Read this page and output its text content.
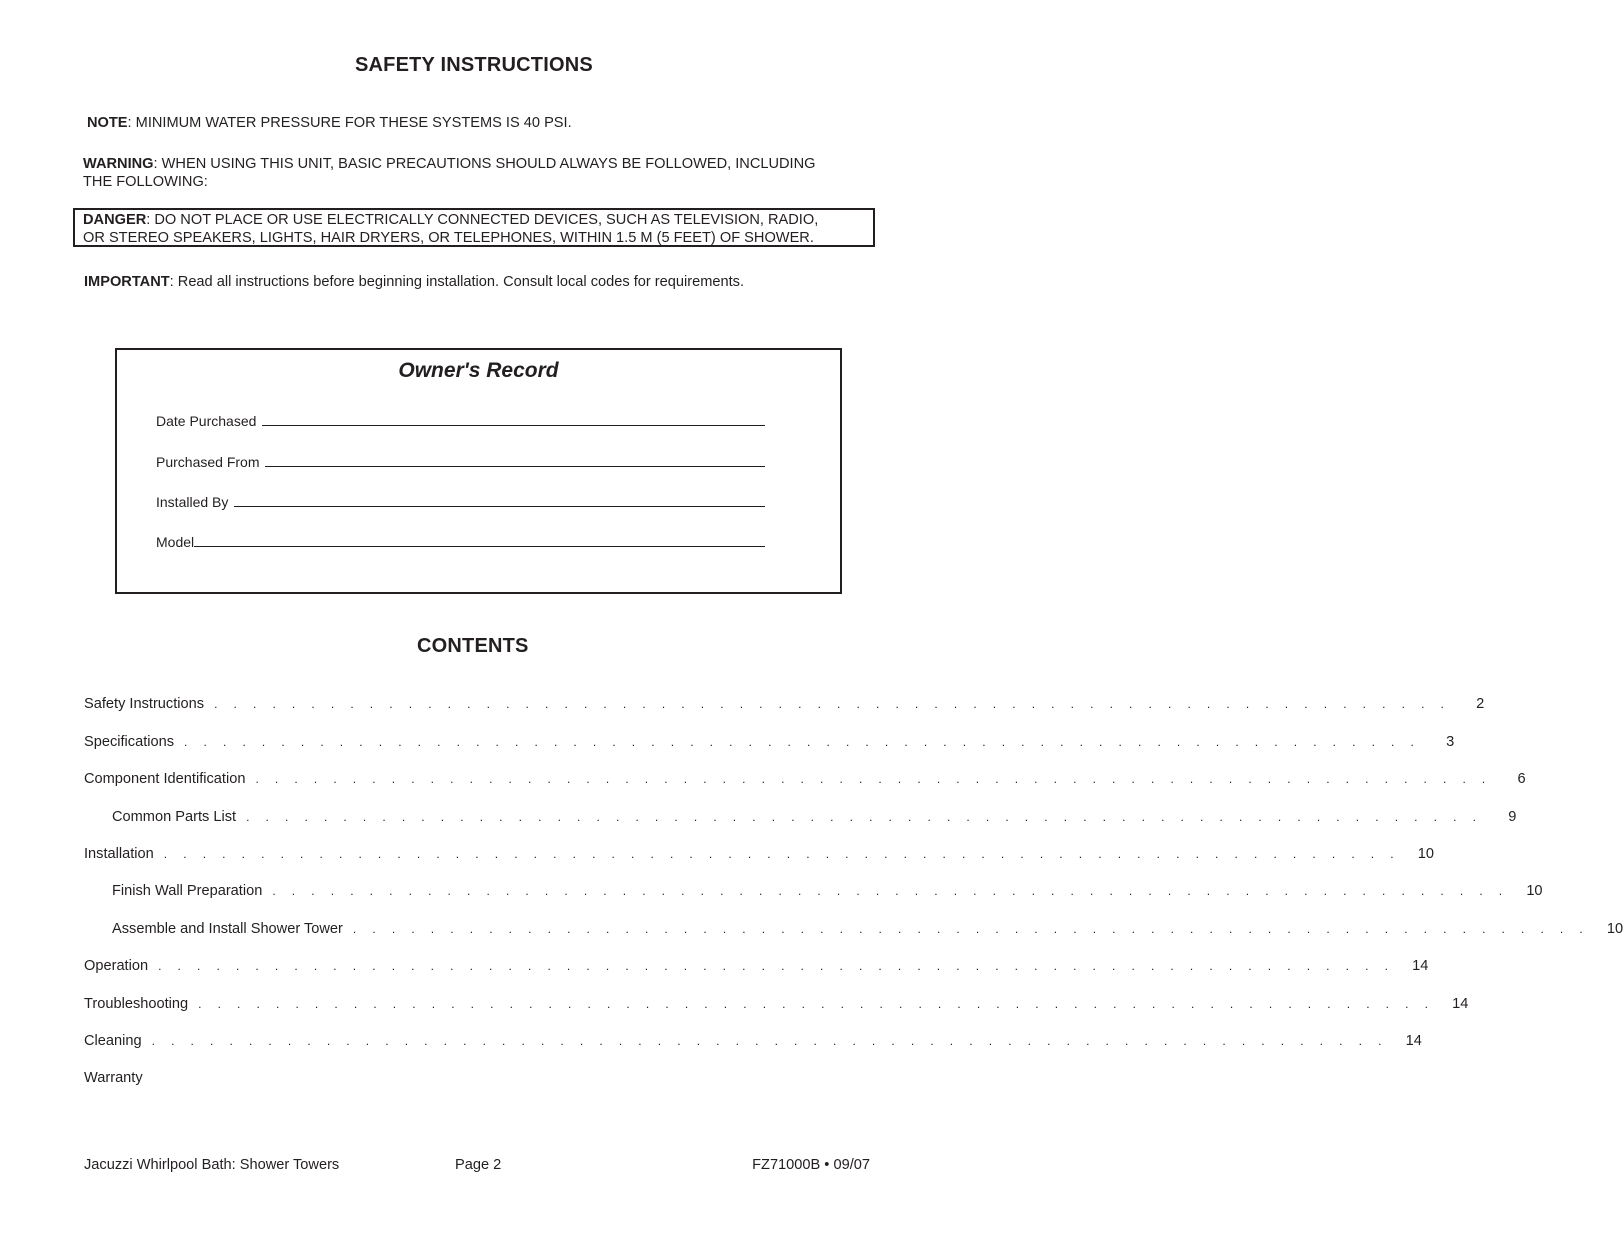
SAFETY INSTRUCTIONS
NOTE: MINIMUM WATER PRESSURE FOR THESE SYSTEMS IS 40 PSI.
WARNING: WHEN USING THIS UNIT, BASIC PRECAUTIONS SHOULD ALWAYS BE FOLLOWED, INCLUDING
THE FOLLOWING:
DANGER: DO NOT PLACE OR USE ELECTRICALLY CONNECTED DEVICES, SUCH AS TELEVISION, RADIO,
OR STEREO SPEAKERS, LIGHTS, HAIR DRYERS, OR TELEPHONES, WITHIN 1.5 M (5 FEET) OF SHOWER.
IMPORTANT: Read all instructions before beginning installation. Consult local codes for requirements.
Owner's Record
Date Purchased
Purchased From
Installed By
Model
CONTENTS
Safety Instructions . . . . . . . . . . . . . . . . . . . . . . . . . . . . . . . . . . . . . . . . . . . . . . . . . . . . . . . . . . . . . . . .	2
Specifications . . . . . . . . . . . . . . . . . . . . . . . . . . . . . . . . . . . . . . . . . . . . . . . . . . . . . . . . . . . . . . . .	3
Component Identification . . . . . . . . . . . . . . . . . . . . . . . . . . . . . . . . . . . . . . . . . . . . . . . . . . . . . . . . . . . . . . . .	6
Common Parts List . . . . . . . . . . . . . . . . . . . . . . . . . . . . . . . . . . . . . . . . . . . . . . . . . . . . . . . . . . . . . . . .	9
Installation . . . . . . . . . . . . . . . . . . . . . . . . . . . . . . . . . . . . . . . . . . . . . . . . . . . . . . . . . . . . . . . .	10
Finish Wall Preparation . . . . . . . . . . . . . . . . . . . . . . . . . . . . . . . . . . . . . . . . . . . . . . . . . . . . . . . . . . . . . . . .	10
Assemble and Install Shower Tower . . . . . . . . . . . . . . . . . . . . . . . . . . . . . . . . . . . . . . . . . . . . . . . . . . . . . . . . . . . . . . . .	10
Operation . . . . . . . . . . . . . . . . . . . . . . . . . . . . . . . . . . . . . . . . . . . . . . . . . . . . . . . . . . . . . . . .	14
Troubleshooting . . . . . . . . . . . . . . . . . . . . . . . . . . . . . . . . . . . . . . . . . . . . . . . . . . . . . . . . . . . . . . . .	14
Cleaning . . . . . . . . . . . . . . . . . . . . . . . . . . . . . . . . . . . . . . . . . . . . . . . . . . . . . . . . . . . . . . . .	14
Warranty
Jacuzzi Whirlpool Bath: Shower Towers	Page 2	FZ71000B • 09/07
